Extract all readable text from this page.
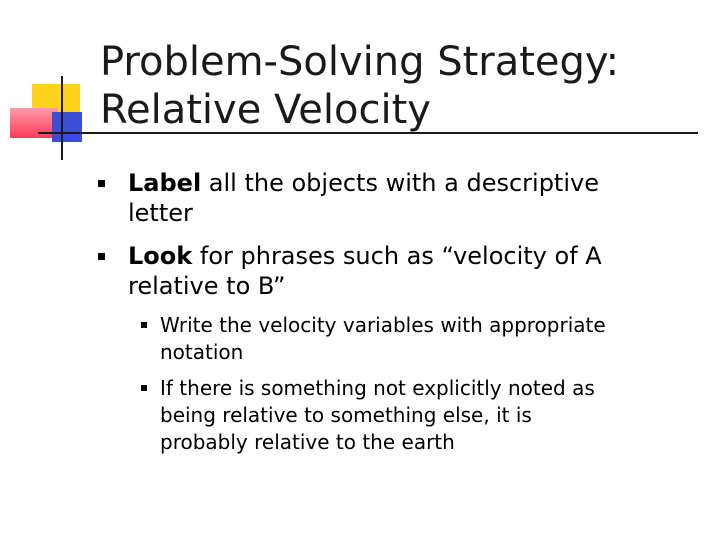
Problem-Solving Strategy:
Relative Velocity
Label all the objects with a descriptive
letter
Look for phrases such as “velocity of A
relative to B”
Write the velocity variables with appropriate
notation
If there is something not explicitly noted as
being relative to something else, it is
probably relative to the earth
